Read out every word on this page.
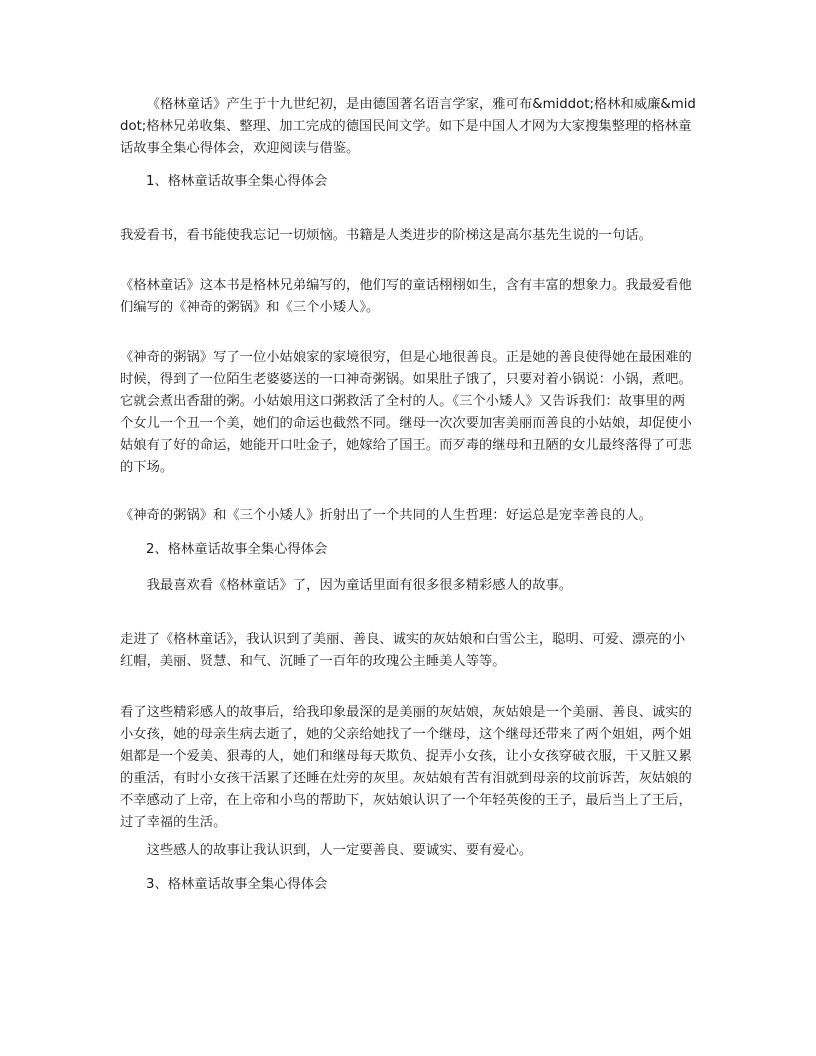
《格林童话》产生于十九世纪初，是由德国著名语言学家，雅可布&middot;格林和威廉&middot;格林兄弟收集、整理、加工完成的德国民间文学。如下是中国人才网为大家搜集整理的格林童话故事全集心得体会，欢迎阅读与借鉴。

1、格林童话故事全集心得体会

我爱看书，看书能使我忘记一切烦恼。书籍是人类进步的阶梯这是高尔基先生说的一句话。

《格林童话》这本书是格林兄弟编写的，他们写的童话栩栩如生，含有丰富的想象力。我最爱看他们编写的《神奇的粥锅》和《三个小矮人》。

《神奇的粥锅》写了一位小姑娘家的家境很穷，但是心地很善良。正是她的善良使得她在最困难的时候，得到了一位陌生老婆婆送的一口神奇粥锅。如果肚子饿了，只要对着小锅说：小锅，煮吧。它就会煮出香甜的粥。小姑娘用这口粥救活了全村的人。《三个小矮人》又告诉我们：故事里的两个女儿一个丑一个美，她们的命运也截然不同。继母一次次要加害美丽而善良的小姑娘，却促使小姑娘有了好的命运，她能开口吐金子，她嫁给了国王。而歹毒的继母和丑陋的女儿最终落得了可悲的下场。

《神奇的粥锅》和《三个小矮人》折射出了一个共同的人生哲理：好运总是宠幸善良的人。

2、格林童话故事全集心得体会

我最喜欢看《格林童话》了，因为童话里面有很多很多精彩感人的故事。

走进了《格林童话》，我认识到了美丽、善良、诚实的灰姑娘和白雪公主，聪明、可爱、漂亮的小红帽，美丽、贤慧、和气、沉睡了一百年的玫瑰公主睡美人等等。

看了这些精彩感人的故事后，给我印象最深的是美丽的灰姑娘，灰姑娘是一个美丽、善良、诚实的小女孩，她的母亲生病去逝了，她的父亲给她找了一个继母，这个继母还带来了两个姐姐，两个姐姐都是一个爱美、狠毒的人，她们和继母每天欺负、捉弄小女孩，让小女孩穿破衣服，干又脏又累的重活，有时小女孩干活累了还睡在灶旁的灰里。灰姑娘有苦有泪就到母亲的坟前诉苦，灰姑娘的不幸感动了上帝，在上帝和小鸟的帮助下，灰姑娘认识了一个年轻英俊的王子，最后当上了王后，过了幸福的生活。

这些感人的故事让我认识到，人一定要善良、要诚实、要有爱心。

3、格林童话故事全集心得体会
